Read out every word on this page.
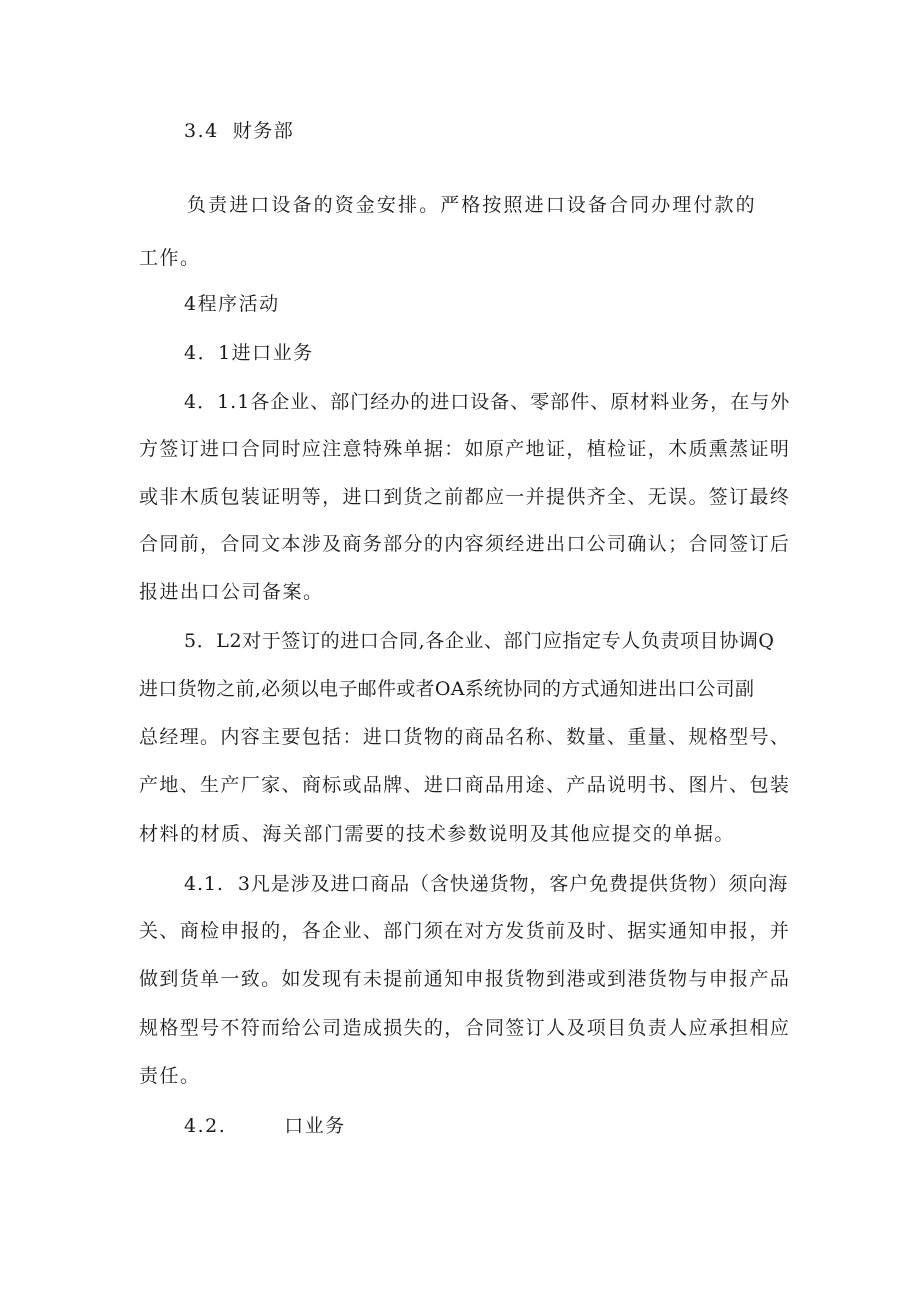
3.4 财务部
负责进口设备的资金安排。严格按照进口设备合同办理付款的
工作。
4程序活动
4．1进口业务
4．1.1各企业、部门经办的进口设备、零部件、原材料业务，在与外
方签订进口合同时应注意特殊单据：如原产地证，植检证，木质熏蒸证明
或非木质包装证明等，进口到货之前都应一并提供齐全、无误。签订最终
合同前，合同文本涉及商务部分的内容须经进出口公司确认；合同签订后
报进出口公司备案。
5．L2对于签订的进口合同,各企业、部门应指定专人负责项目协调Q
进口货物之前,必须以电子邮件或者OA系统协同的方式通知进出口公司副
总经理。内容主要包括：进口货物的商品名称、数量、重量、规格型号、
产地、生产厂家、商标或品牌、进口商品用途、产品说明书、图片、包装
材料的材质、海关部门需要的技术参数说明及其他应提交的单据。
4.1. 3凡是涉及进口商品（含快递货物，客户免费提供货物）须向海
关、商检申报的，各企业、部门须在对方发货前及时、据实通知申报，并
做到货单一致。如发现有未提前通知申报货物到港或到港货物与申报产品
规格型号不符而给公司造成损失的，合同签订人及项目负责人应承担相应
责任。
4.2.	口业务
